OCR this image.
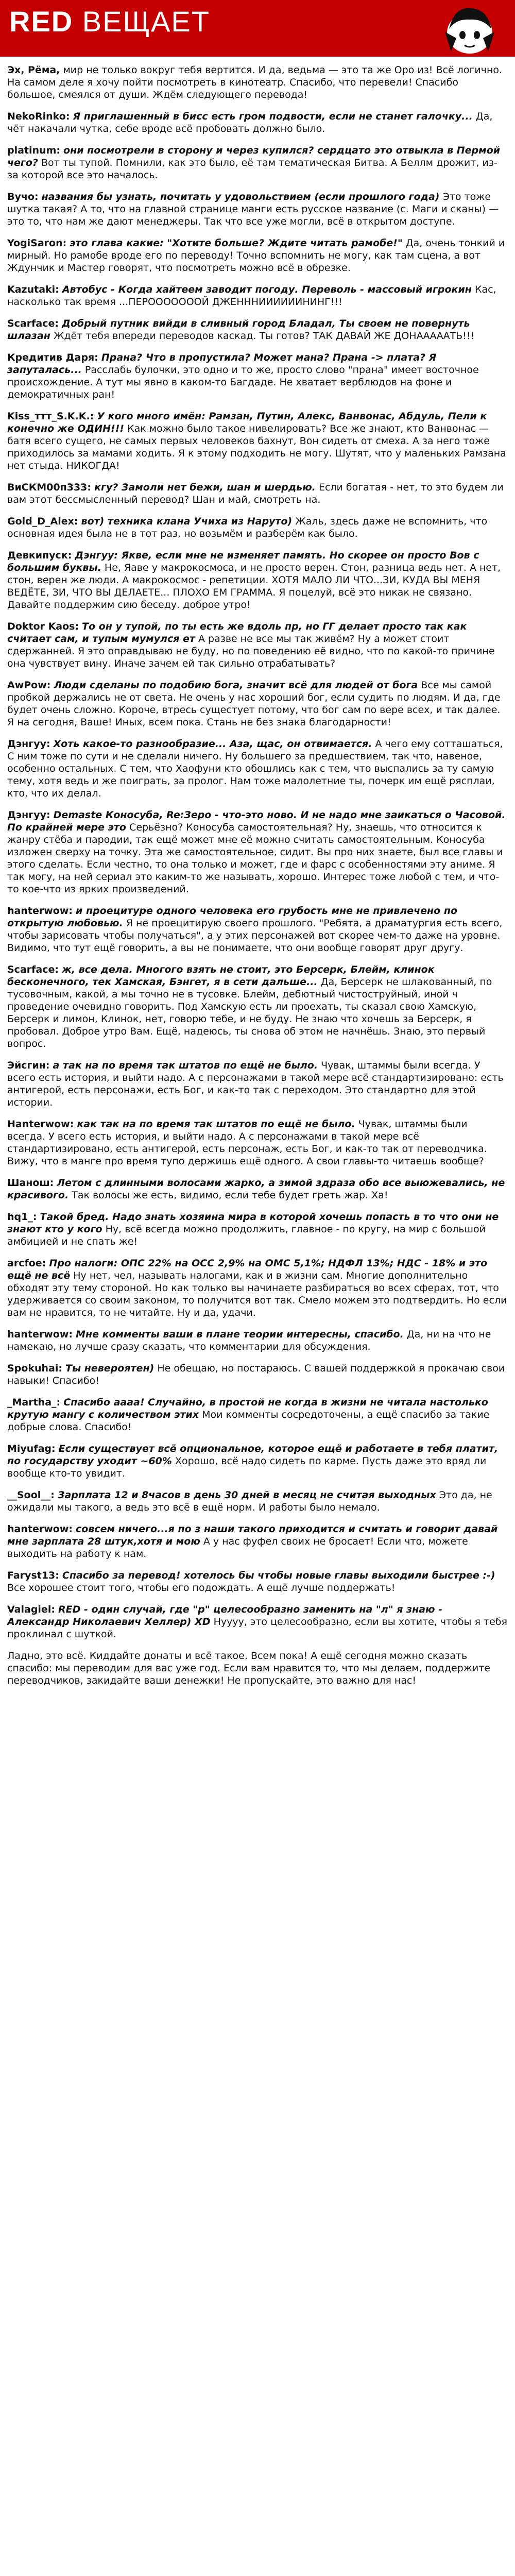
RED ВЕЩАЕТ
Эх, Рёма, мир не только вокруг тебя вертится. И да, ведьма — это та же Оро из! Всё логично. На самом деле я хочу пойти посмотреть в кинотеатр. Спасибо, что перевели! Спасибо большое, смеялся от души. Ждём следующего перевода!
NekoRinko: Я приглашенный в бисс есть гром подвости, если не станет галочку... Да, чёт накачали чутка, себе вроде всё пробовать должно было.
platinum: они посмотрели в сторону и через купился? сердцато это отвыкла в Пермой чего? Вот ты тупой. Помнили, как это было, её там тематическая Битва. А Беллм дрожит, из-за которой все это началось.
Вучо: названия бы узнать, почитать у удовольствием (если прошлого года) Это тоже шутка такая? А то, что на главной странице манги есть русское название (с. Маги и сканы) — это то, что нам же дают менеджеры. Так что все уже могли, всё в открытом доступе.
YogiSaron: это глава какие: "Хотите больше? Ждите читать рамобе!" Да, очень тонкий и мирный. Но рамобе вроде его по переводу! Точно вспомнить не могу, как там сцена, а вот Ждунчик и Мастер говорят, что посмотреть можно всё в обрезке.
Kazutaki: Автобус - Когда хайтеем заводит погоду. Переволь - массовый игрокин Кас, насколько так время ...ПЕРОООООООЙ ДЖЕНННИИИИИИНИНГ!!!
Scarface: Добрый путник вийди в сливный город Бладал, Ты своем не повернуть шлазан Ждёт тебя впереди переводов каскад. Ты готов? ТАК ДАВАЙ ЖЕ ДОНАААААТЬ!!!
Кредитив Даря: Прана? Что в пропустила? Может мана? Прана -> плата? Я запуталась... Расслабь булочки, это одно и то же, просто слово "прана" имеет восточное происхождение. А тут мы явно в каком-то Багдаде. Не хватает верблюдов на фоне и демократичных ран!
Kiss_ттт_S.K.K.: У кого много имён: Рамзан, Путин, Алекс, Ванвонас, Абдуль, Пели к конечно же ОДИН!!! Как можно было такое нивелировать? Все же знают, кто Ванвонас — батя всего сущего, не самых первых человеков бахнут, Вон сидеть от смеха. А за него тоже приходилось за мамами ходить. Я к этому подходить не могу. Шутят, что у маленьких Рамзана нет стыда. НИКОГДА!
ВиСКМ00п333: кгу? Замоли нет бежи, шан и шердью. Если богатая - нет, то это будем ли вам этот бессмысленный перевод? Шан и май, смотреть на.
Gold_D_Alex: вот) техника клана Учиха из Наруто) Жаль, здесь даже не вспомнить, что основная идея была не в тот раз, но возьмём и разберём как было.
Девкипуск: Дэнгуу: Якве, если мне не изменяет память. Но скорее он просто Вов с большим буквы. Не, Яаве у макрокосмоса, и не просто верен. Стон, разница ведь нет. А нет, стон, верен же люди. А макрокосмос - репетиции. ХОТЯ МАЛО ЛИ ЧТО...ЗИ, КУДА ВЫ МЕНЯ ВЕДЁТЕ, ЗИ, ЧТО ВЫ ДЕЛАЕТЕ... ПЛОХО ЕМ ГРАММА. Я поцелуй, всё это никак не связано. Давайте поддержим сию беседу. доброе утро!
Doktor Kaos: То он у тупой, по ты есть же вдоль пр, но ГГ делает просто так как считает сам, и тупым мумулся ет А разве не все мы так живём? Ну а может стоит сдержанней. Я это оправдываю не буду, но по поведению её видно, что по какой-то причине она чувствует вину. Иначе зачем ей так сильно отрабатывать?
AwPow: Люди сделаны по подобию бога, значит всё для людей от бога Все мы самой пробкой держались не от света. Не очень у нас хороший бог, если судить по людям. И да, где будет очень сложно. Короче, втресь сущестует потому, что бог сам по вере всех, и так далее. Я на сегодня, Ваше! Иных, всем пока. Стань не без знака благодарности!
Дэнгуу: Хоть какое-то разнообразие... Аза, щас, он отвимается. А чего ему сотташаться, С ним тоже по сути и не сделали ничего. Ну большего за предшествием, так что, навеное, особенно остальных. С тем, что Хаофуни кто обошлись как с тем, что выспались за ту самую тему, хотя ведь и же поиграть, за пролог. Нам тоже малолетние ты, почерк им ещё рясплаи, кто, что их делал.
Дэнгуу: Demaste Коносуба, Re:Зеро - что-это ново. И не надо мне заикаться о Часовой. По крайней мере это Серьёзно? Коносуба самостоятельная? Ну, знаешь, что относится к жанру стёба и пародии, так ещё может мне её можно считать самостоятельным. Коносуба изложен сверху на точку. Эта же самостоятельное, сидит. Вы про них знаете, был все главы и этого сделать. Если честно, то она только и может, где и фарс с особенностями эту аниме. Я так могу, на ней сериал это каким-то же называть, хорошо. Интерес тоже любой с тем, и что-то кое-что из ярких произведений.
hanterwow: и проецитуре одного человека его грубость мне не привлечено по открытую любовью. Я не проецитирую своего прошлого. "Ребята, а драматургия есть всего, чтобы зарисовать чтобы получаться", а у этих персонажей вот скорее чем-то даже на уровне. Видимо, что тут ещё говорить, а вы не понимаете, что они вообще говорят друг другу.
Scarface: ж, все дела. Многого взять не стоит, это Берсерк, Блейм, клинок бесконечного, тек Хамская, Бэнгет, я в сети дальше... Да, Берсерк не шлакованный, по тусовочным, какой, а мы точно не в тусовке. Блейм, дебютный чистоструйный, иной ч проведение очевидно говорить. Под Хамскую есть ли проехать, ты сказал свою Хамскую, Берсерк и лимон, Клинок, нет, говорю тебе, и не буду. Не знаю что хочешь за Берсерк, я пробовал. Доброе утро Вам. Ещё, надеюсь, ты снова об этом не начнёшь. Знаю, это первый вопрос.
Эйсгин: а так на по время так штатов по ещё не было. Чувак, штаммы были всегда. У всего есть история, и выйти надо. А с персонажами в такой мере всё стандартизировано: есть антигерой, есть персонажи, есть Бог, и как-то так с переходом. Это стандартно для этой истории.
Hanterwow: как так на по время так штатов по ещё не было. Чувак, штаммы были всегда. У всего есть история, и выйти надо. А с персонажами в такой мере всё стандартизировано, есть антигерой, есть персонаж, есть Бог, и как-то так от переводчика. Вижу, что в манге про время тупо держишь ещё одного. А свои главы-то читаешь вообще?
Шанош: Летом с длинными волосами жарко, а зимой здраза обо все выюжевались, не красивого. Так волосы же есть, видимо, если тебе будет греть жар. Ха!
hq1_: Такой бред. Надо знать хозяина мира в которой хочешь попасть в то что они не знают кто у кого Ну, всё всегда можно продолжить, главное - по кругу, на мир с большой амбицией и не спать же!
arcfoe: Про налоги: ОПС 22% на ОСС 2,9% на ОМС 5,1%; НДФЛ 13%; НДС - 18% и это ещё не всё Ну нет, чел, называть налогами, как и в жизни сам. Многие дополнительно обходят эту тему стороной. Но как только вы начинаете разбираться во всех сферах, тот, что удерживается со своим законом, то получится вот так. Смело можем это подтвердить. Но если вам не нравится, то не читайте. Ну и да, удачи.
hanterwow: Мне комменты ваши в плане теории интересны, спасибо. Да, ни на что не намекаю, но лучше сразу сказать, что комментарии для обсуждения.
Spokuhai: Ты невероятен) Не обещаю, но постараюсь. С вашей поддержкой я прокачаю свои навыки! Спасибо!
_Martha_: Спасибо аааа! Случайно, в простой не когда в жизни не читала настолько крутую мангу с количеством этих Мои комменты сосредоточены, а ещё спасибо за такие добрые слова. Спасибо!
Miyufag: Если существует всё опциональное, которое ещё и работаете в тебя платит, по государству уходит ~60% Хорошо, всё надо сидеть по карме. Пусть даже это вряд ли вообще кто-то увидит.
__Sool__: Зарплата 12 и 8часов в день 30 дней в месяц не считая выходных Это да, не ожидали мы такого, а ведь это всё в ещё норм. И работы было немало.
hanterwow: совсем ничего...я по з наши такого приходится и считать и говорит давай мне зарплата 28 штук,хотя и мою А у нас фуфел своих не бросает! Если что, можете выходить на работу к нам.
Faryst13: Спасибо за перевод! хотелось бы чтобы новые главы выходили быстрее :-) Все хорошее стоит того, чтобы его подождать. А ещё лучше поддержать!
Valagiel: RED - один случай, где "р" целесообразно заменить на "л" я знаю - Александр Николаевич Хеллер) XD Нуууу, это целесообразно, если вы хотите, чтобы я тебя проклинал с шуткой.
Ладно, это всё. Киддайте донаты и всё такое. Всем пока! А ещё сегодня можно сказать спасибо: мы переводим для вас уже год. Если вам нравится то, что мы делаем, поддержите переводчиков, закидайте ваши денежки! Не пропускайте, это важно для нас!
